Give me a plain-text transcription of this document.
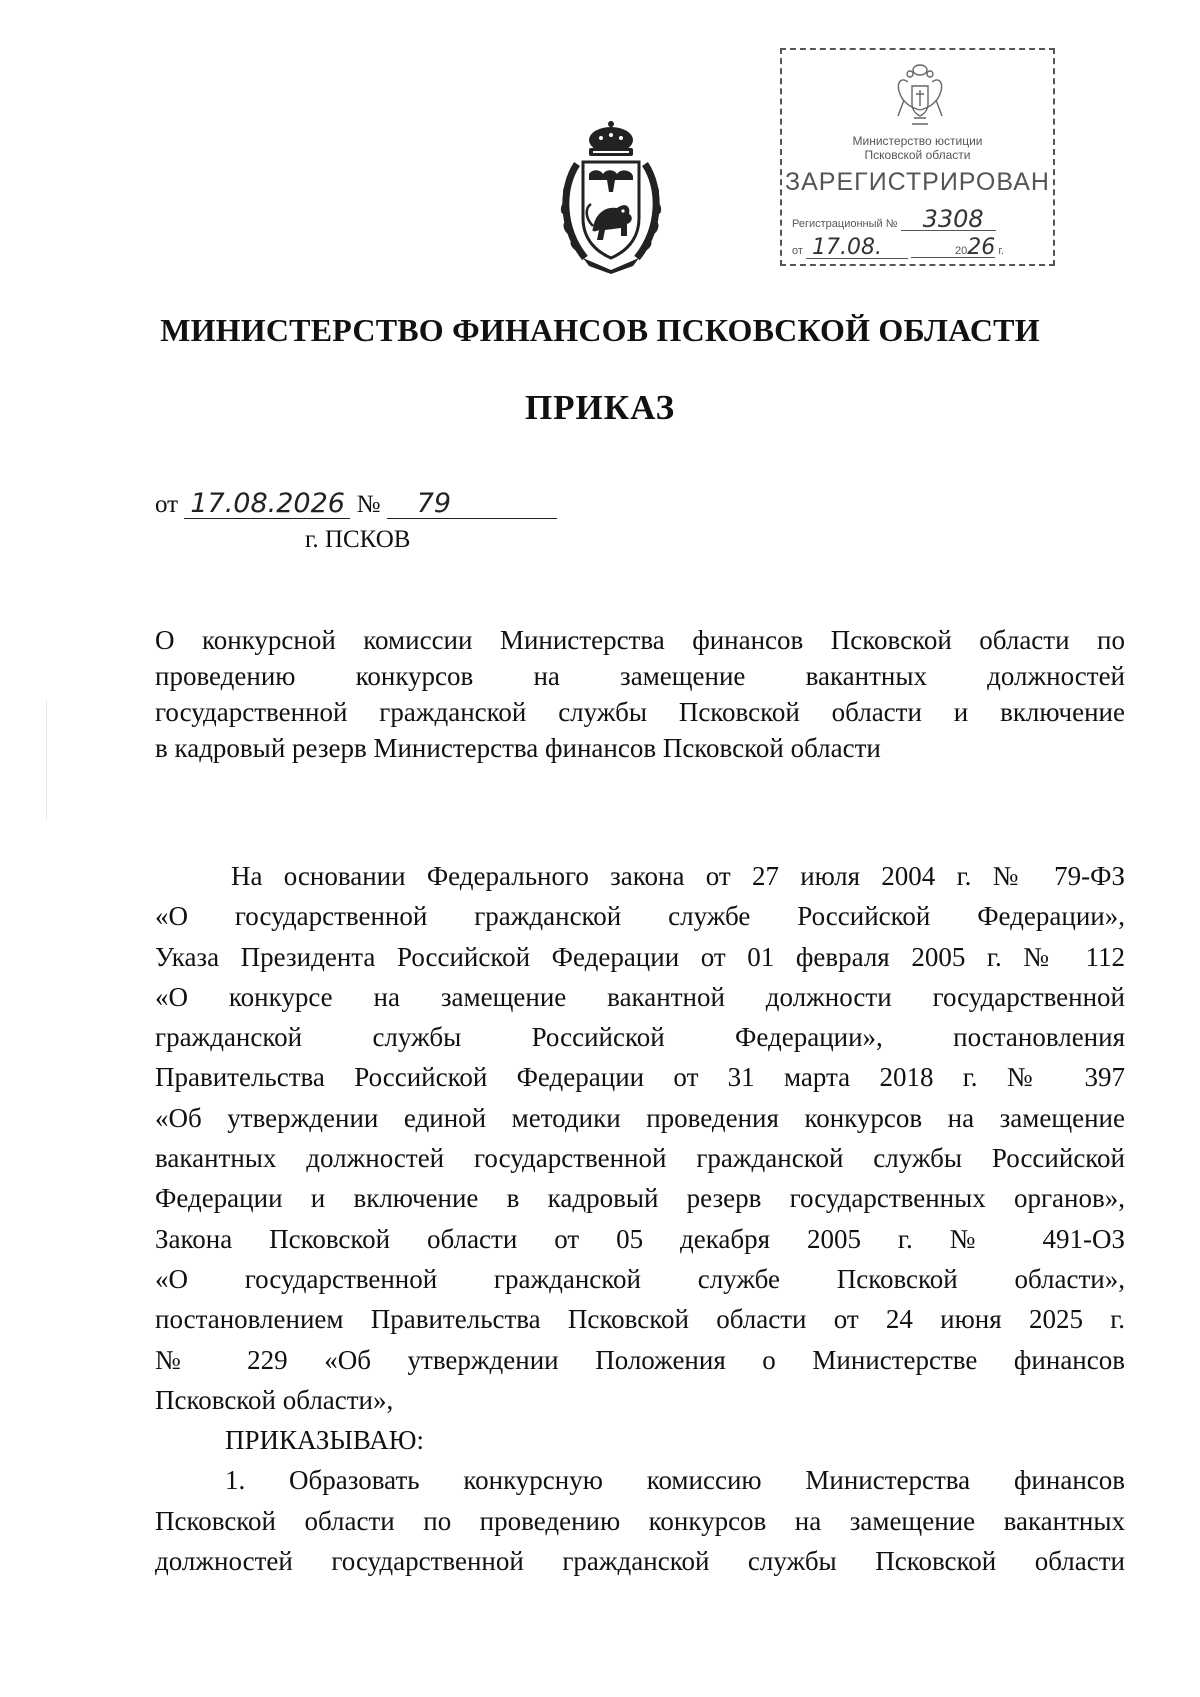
Министерство юстиции
Псковской области
ЗАРЕГИСТРИРОВАН
Регистрационный № 3308
от 17.08.	2026 г.
МИНИСТЕРСТВО ФИНАНСОВ ПСКОВСКОЙ ОБЛАСТИ
ПРИКАЗ
от 17.08.2026 № 79
г. ПСКОВ
О конкурсной комиссии Министерства финансов Псковской области по
проведению конкурсов на замещение вакантных должностей
государственной гражданской службы Псковской области и включение
в кадровый резерв Министерства финансов Псковской области
На основании Федерального закона от 27 июля 2004 г. № 79-ФЗ
«О государственной гражданской службе Российской Федерации»,
Указа Президента Российской Федерации от 01 февраля 2005 г. № 112
«О конкурсе на замещение вакантной должности государственной
гражданской службы Российской Федерации», постановления
Правительства Российской Федерации от 31 марта 2018 г. № 397
«Об утверждении единой методики проведения конкурсов на замещение
вакантных должностей государственной гражданской службы Российской
Федерации и включение в кадровый резерв государственных органов»,
Закона Псковской области от 05 декабря 2005 г. № 491-ОЗ
«О государственной гражданской службе Псковской области»,
постановлением Правительства Псковской области от 24 июня 2025 г.
№ 229 «Об утверждении Положения о Министерстве финансов
Псковской области»,
ПРИКАЗЫВАЮ:
1. Образовать конкурсную комиссию Министерства финансов
Псковской области по проведению конкурсов на замещение вакантных
должностей государственной гражданской службы Псковской области
